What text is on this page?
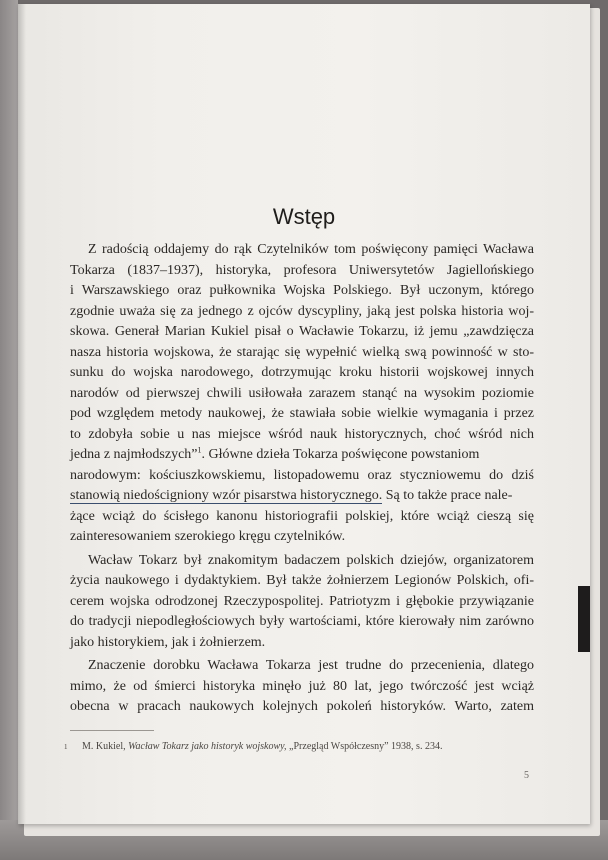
Wstęp

Z radością oddajemy do rąk Czytelników tom poświęcony pamięci Wacława
Tokarza (1837–1937), historyka, profesora Uniwersytetów Jagiellońskiego
i Warszawskiego oraz pułkownika Wojska Polskiego. Był uczonym, którego
zgodnie uważa się za jednego z ojców dyscypliny, jaką jest polska historia woj-
skowa. Generał Marian Kukiel pisał o Wacławie Tokarzu, iż jemu „zawdzięcza
nasza historia wojskowa, że starając się wypełnić wielką swą powinność w sto-
sunku do wojska narodowego, dotrzymując kroku historii wojskowej innych
narodów od pierwszej chwili usiłowała zarazem stanąć na wysokim poziomie
pod względem metody naukowej, że stawiała sobie wielkie wymagania i przez
to zdobyła sobie u nas miejsce wśród nauk historycznych, choć wśród nich
jedna z najmłodszych”$^1$. Główne dzieła Tokarza poświęcone powstaniom
narodowym: kościuszkowskiemu, listopadowemu oraz styczniowemu do dziś
stanowią niedościgniony wzór pisarstwa historycznego. Są to także prace nale-
żące wciąż do ścisłego kanonu historiografii polskiej, które wciąż cieszą się
zainteresowaniem szerokiego kręgu czytelników.

Wacław Tokarz był znakomitym badaczem polskich dziejów, organizatorem
życia naukowego i dydaktykiem. Był także żołnierzem Legionów Polskich, ofi-
cerem wojska odrodzonej Rzeczypospolitej. Patriotyzm i głębokie przywiązanie
do tradycji niepodległościowych były wartościami, które kierowały nim zarówno
jako historykiem, jak i żołnierzem.

Znaczenie dorobku Wacława Tokarza jest trudne do przecenienia, dlatego
mimo, że od śmierci historyka minęło już 80 lat, jego twórczość jest wciąż
obecna w pracach naukowych kolejnych pokoleń historyków. Warto, zatem

$^1$ M. Kukiel, Wacław Tokarz jako historyk wojskowy, „Przegląd Współczesny” 1938, s. 234.
5
